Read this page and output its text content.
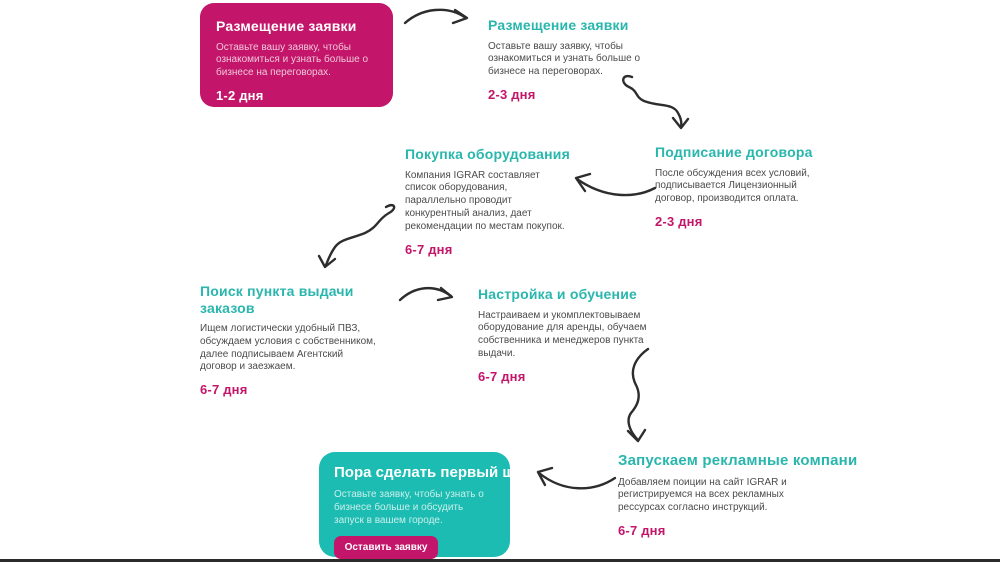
Размещение заявки

Оставьте вашу заявку, чтобы ознакомиться и узнать больше о бизнесе на переговорах.

1-2 дня
Размещение заявки

Оставьте вашу заявку, чтобы ознакомиться и узнать больше о бизнесе на переговорах.

2-3 дня
Подписание договора

После обсуждения всех условий, подписывается Лицензионный договор, производится оплата.

2-3 дня
Покупка оборудования

Компания IGRAR составляет список оборудования, параллельно проводит конкурентный анализ, дает рекомендации по местам покупок.

6-7 дня
Поиск пункта выдачи заказов

Ищем логистически удобный ПВЗ, обсуждаем условия с собственником, далее подписываем Агентский договор и заезжаем.

6-7 дня
Настройка и обучение

Настраиваем и укомплектовываем оборудование для аренды, обучаем собственника и менеджеров пункта выдачи.

6-7 дня
Запускаем рекламные компани

Добавляем поиции на сайт IGRAR и регистрируемся на всех рекламных рессурсах согласно инструкций.

6-7 дня
Пора сделать первый шаг

Оставьте заявку, чтобы узнать о бизнесе больше и обсудить запуск в вашем городе.

Оставить заявку
